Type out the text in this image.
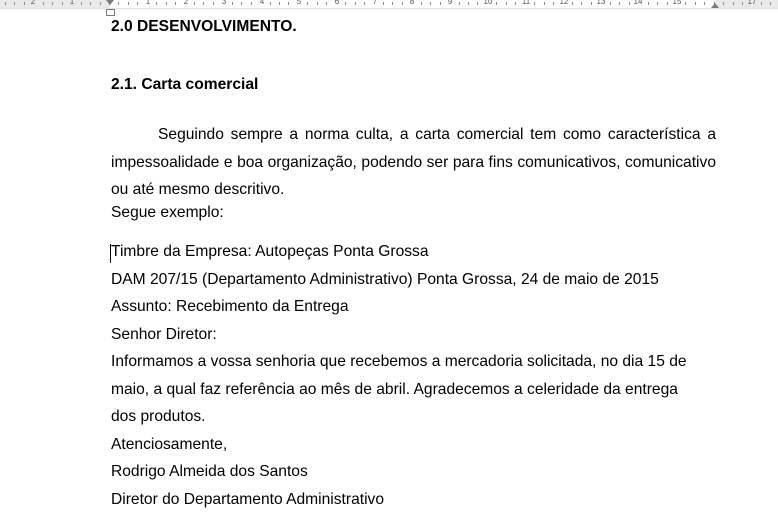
2	1	1	2	3	4	5	6	7	8	9	10	11	12	13	14	15	17
2.0 DESENVOLVIMENTO.
2.1. Carta comercial
Seguindo sempre a norma culta, a carta comercial tem como característica a impessoalidade e boa organização, podendo ser para fins comunicativos, comunicativo ou até mesmo descritivo.
Segue exemplo:
Timbre da Empresa: Autopeças Ponta Grossa
DAM 207/15 (Departamento Administrativo) Ponta Grossa, 24 de maio de 2015
Assunto: Recebimento da Entrega
Senhor Diretor:
Informamos a vossa senhoria que recebemos a mercadoria solicitada, no dia 15 de
maio, a qual faz referência ao mês de abril. Agradecemos a celeridade da entrega
dos produtos.
Atenciosamente,
Rodrigo Almeida dos Santos
Diretor do Departamento Administrativo
